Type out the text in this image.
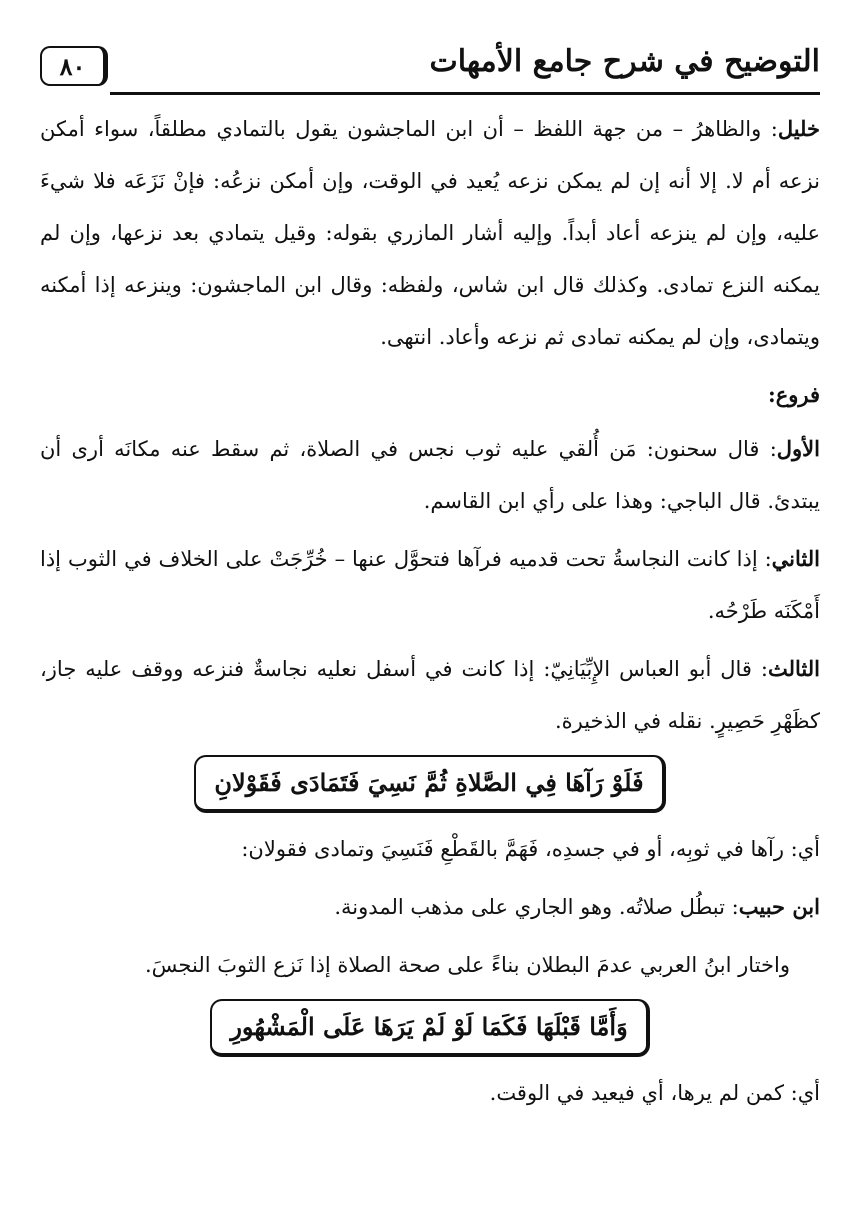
٨٠	التوضيح في شرح جامع الأمهات

خليل: والظاهرُ – من جهة اللفظ – أن ابن الماجشون يقول بالتمادي مطلقاً، سواء أمكن نزعه أم لا. إلا أنه إن لم يمكن نزعه يُعيد في الوقت، وإن أمكن نزعُه: فإنْ نَزَعَه فلا شيءَ عليه، وإن لم ينزعه أعاد أبداً. وإليه أشار المازري بقوله: وقيل يتمادي بعد نزعها، وإن لم يمكنه النزع تمادى. وكذلك قال ابن شاس، ولفظه: وقال ابن الماجشون: وينزعه إذا أمكنه ويتمادى، وإن لم يمكنه تمادى ثم نزعه وأعاد. انتهى.

فروع:

الأول: قال سحنون: مَن أُلقي عليه ثوب نجس في الصلاة، ثم سقط عنه مكانَه أرى أن يبتدئ. قال الباجي: وهذا على رأي ابن القاسم.

الثاني: إذا كانت النجاسةُ تحت قدميه فرآها فتحوَّل عنها – خُرِّجَتْ على الخلاف في الثوب إذا أَمْكَنَه طَرْحُه.

الثالث: قال أبو العباس الإِبِّيَانِيّ: إذا كانت في أسفل نعليه نجاسةٌ فنزعه ووقف عليه جاز، كظَهْرِ حَصِيرٍ. نقله في الذخيرة.

فَلَوْ رَآهَا فِي الصَّلاةِ ثُمَّ نَسِيَ فَتَمَادَى فَقَوْلانِ

أي: رآها في ثوبِه، أو في جسدِه، فَهَمَّ بالقَطْعِ فَنَسِيَ وتمادى فقولان:

ابن حبيب: تبطُل صلاتُه. وهو الجاري على مذهب المدونة.

واختار ابنُ العربي عدمَ البطلان بناءً على صحة الصلاة إذا نَزع الثوبَ النجسَ.

وَأَمَّا قَبْلَهَا فَكَمَا لَوْ لَمْ يَرَهَا عَلَى الْمَشْهُورِ

أي: كمن لم يرها، أي فيعيد في الوقت.
